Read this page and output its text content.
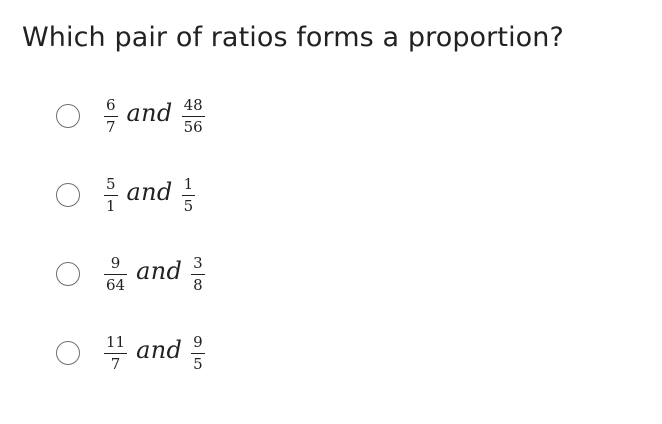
Which pair of ratios forms a proportion?
$\frac{6}{7}$ and $\frac{48}{56}$
$\frac{5}{1}$ and $\frac{1}{5}$
$\frac{9}{64}$ and $\frac{3}{8}$
$\frac{11}{7}$ and $\frac{9}{5}$
